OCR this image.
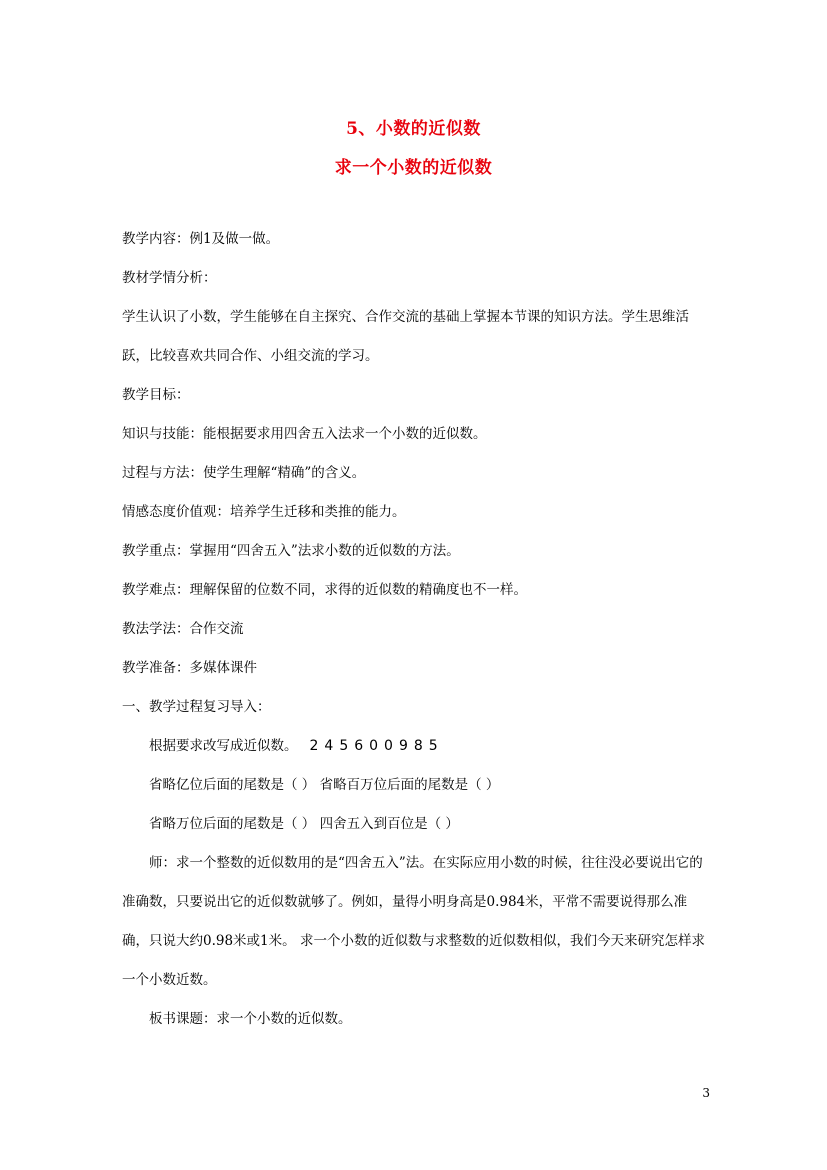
5、小数的近似数
求一个小数的近似数

教学内容：例1及做一做。

教材学情分析：

学生认识了小数，学生能够在自主探究、合作交流的基础上掌握本节课的知识方法。学生思维活跃，比较喜欢共同合作、小组交流的学习。

教学目标：

知识与技能：能根据要求用四舍五入法求一个小数的近似数。

过程与方法：使学生理解“精确”的含义。

情感态度价值观：培养学生迁移和类推的能力。

教学重点：掌握用“四舍五入”法求小数的近似数的方法。

教学难点：理解保留的位数不同，求得的近似数的精确度也不一样。

教法学法：合作交流

教学准备：多媒体课件

一、教学过程复习导入：

根据要求改写成近似数。 245600985

省略亿位后面的尾数是（ ） 省略百万位后面的尾数是（ ）

省略万位后面的尾数是（ ） 四舍五入到百位是（ ）

师：求一个整数的近似数用的是“四舍五入”法。在实际应用小数的时候，往往没必要说出它的准确数，只要说出它的近似数就够了。例如，量得小明身高是0.984米，平常不需要说得那么准确，只说大约0.98米或1米。 求一个小数的近似数与求整数的近似数相似，我们今天来研究怎样求一个小数近数。

板书课题：求一个小数的近似数。

3
